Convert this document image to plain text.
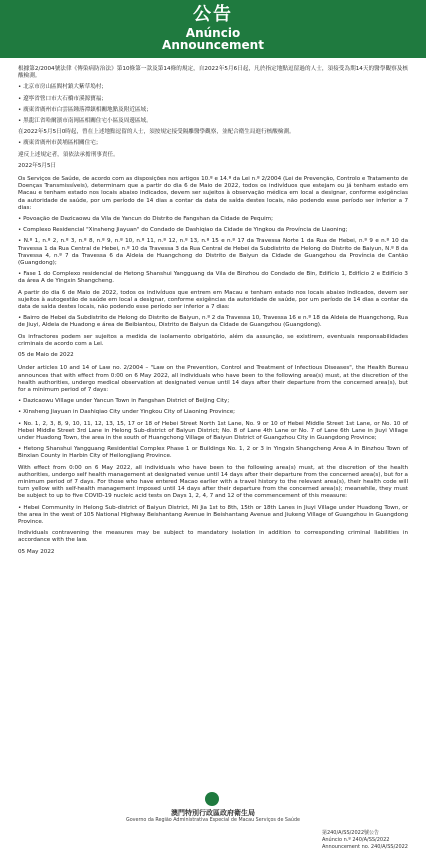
公告
Anúncio
Announcement

根據第2/2004號法律《傳染病防治法》第10條第一款及第14條的規定，自2022年5月6日起，凡於指定地點逗留過的人士，須接受為期14天的醫學觀察及核酸檢測。

• 北京市房山區閻村鎮大紫草塢村；

• 遼寧省營口市大石橋市溪源寶福；

• 廣東省廣州市白雲區鍾落潭鎮相關地點及附近區域；

• 黑龍江省哈爾濱市南岡區相關住宅小區及周邊區域。

在2022年5月5日0時起，曾在上述地點逗留的人士，須按規定接受隔離醫學觀察，並配合衛生局進行核酸檢測。

• 廣東省廣州市黃埔區相關住宅；

違反上述規定者，須依法承擔刑事責任。

2022年5月5日

Os Serviços de Saúde, de acordo com as disposições nos artigos 10.º e 14.º da Lei n.º 2/2004 (Lei de Prevenção, Controlo e Tratamento de Doenças Transmissíveis), determinam que a partir do dia 6 de Maio de 2022, todos os indivíduos que estejam ou já tenham estado em Macau e tenham estado nos locais abaixo indicados, devem ser sujeitos à observação médica em local a designar, conforme exigências da autoridade de saúde, por um período de 14 dias a contar da data de saída destes locais, não podendo esse período ser inferior a 7 dias:

• Povoação de Dazicaowu da Vila de Yancun do Distrito de Fangshan da Cidade de Pequim;

• Complexo Residencial "Xinsheng Jiayuan" do Condado de Dashiqiao da Cidade de Yingkou da Província de Liaoning;

• N.º 1, n.º 2, n.º 3, n.º 8, n.º 9, n.º 10, n.º 11, n.º 12, n.º 13, n.º 15 e n.º 17 da Travessa Norte 1 da Rua de Hebei, n.º 9 e n.º 10 da Travessa 1 da Rua Central de Hebei, n.º 10 da Travessa 3 da Rua Central de Hebei da Subdistrito de Helong do Distrito de Baiyun, N.º 8 da Travessa 4, n.º 7 da Travessa 6 da Aldeia de Huangchong do Distrito de Baiyun da Cidade de Guangzhou da Província de Cantão (Guangdong);

• Fase 1 do Complexo residencial de Hetong Shanshui Yangguang da Vila de Binzhou do Condado de Bin, Edifício 1, Edifício 2 e Edifício 3 da área A de Yingxin Shangcheng.

A partir do dia 6 de Maio de 2022, todos os indivíduos que entrem em Macau e tenham estado nos locais abaixo indicados, devem ser sujeitos à autogestão de saúde em local a designar, conforme exigências da autoridade de saúde, por um período de 14 dias a contar da data de saída destes locais, não podendo esse período ser inferior a 7 dias:

• Bairro de Hebei da Subdistrito de Helong do Distrito de Baiyun, n.º 2 da Travessa 10, Travessa 16 e n.º 18 da Aldeia de Huangchong, Rua de Jiuyi, Aldeia de Huadong e área de Beibiantou, Distrito de Baiyun da Cidade de Guangzhou (Guangdong).

Os infractores podem ser sujeitos a medida de isolamento obrigatório, além da assunção, se existirem, eventuais responsabilidades criminais de acordo com a Lei.

05 de Maio de 2022

Under articles 10 and 14 of Law no. 2/2004 – "Law on the Prevention, Control and Treatment of Infectious Diseases", the Health Bureau announces that with effect from 0:00 on 6 May 2022, all individuals who have been to the following area(s) must, at the discretion of the health authorities, undergo medical observation at designated venue until 14 days after their departure from the concerned area(s), but for a minimum period of 7 days:

• Dazicaowu Village under Yancun Town in Fangshan District of Beijing City;

• Xinsheng Jiayuan in Dashiqiao City under Yingkou City of Liaoning Province;

• No. 1, 2, 3, 8, 9, 10, 11, 12, 13, 15, 17 or 18 of Hebei Street North 1st Lane, No. 9 or 10 of Hebei Middle Street 1st Lane, or No. 10 of Hebei Middle Street 3rd Lane in Helong Sub-district of Baiyun District; No. 8 of Lane 4th Lane or No. 7 of Lane 6th Lane in Jiuyi Village under Huadong Town, the area in the south of Huangchong Village of Baiyun District of Guangzhou City in Guangdong Province;

• Hetong Shanshui Yangguang Residential Complex Phase 1 or Buildings No. 1, 2 or 3 in Yingxin Shangcheng Area A in Binzhou Town of Binxian County in Harbin City of Heilongjiang Province.

With effect from 0:00 on 6 May 2022, all individuals who have been to the following area(s) must, at the discretion of the health authorities, undergo self health management at designated venue until 14 days after their departure from the concerned area(s), but for a minimum period of 7 days. For those who have entered Macao earlier with a travel history to the relevant area(s), their health code will turn yellow with self-health management imposed until 14 days after their departure from the concerned area(s); meanwhile, they must be subject to up to five COVID-19 nucleic acid tests on Days 1, 2, 4, 7 and 12 of the commencement of this measure:

• Hebei Community in Helong Sub-district of Baiyun District, Mi Jia 1st to 8th, 15th or 18th Lanes in Jiuyi Village under Huadong Town, or the area in the west of 105 National Highway Beishantang Avenue in Beishantang Avenue and Jiukeng Village of Guangzhou in Guangdong Province.

Individuals contravening the measures may be subject to mandatory isolation in addition to corresponding criminal liabilities in accordance with the law.

05 May 2022

澳門特別行政區政府衛生局
Governo da Região Administrativa Especial de Macau Serviços de Saúde
第240/A/SS/2022號公告
Anúncio n.º 240/A/SS/2022
Announcement no. 240/A/SS/2022
